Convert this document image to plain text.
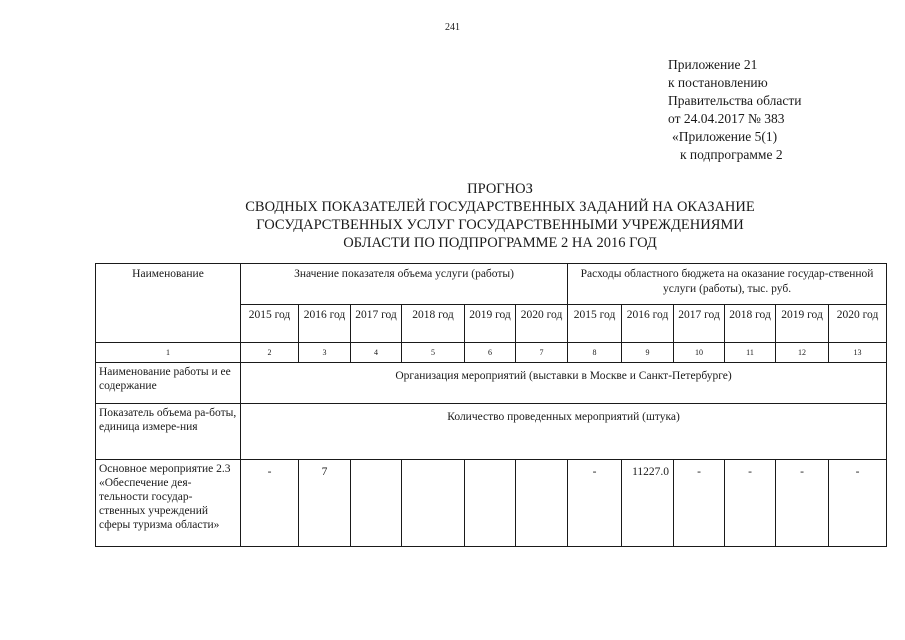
241
Приложение 21
к постановлению
Правительства области
от 24.04.2017 № 383
«Приложение 5(1)
к подпрограмме 2
ПРОГНОЗ
СВОДНЫХ ПОКАЗАТЕЛЕЙ ГОСУДАРСТВЕННЫХ ЗАДАНИЙ НА ОКАЗАНИЕ
ГОСУДАРСТВЕННЫХ УСЛУГ ГОСУДАРСТВЕННЫМИ УЧРЕЖДЕНИЯМИ
ОБЛАСТИ ПО ПОДПРОГРАММЕ 2 НА 2016 ГОД
Наименование	Значение показателя объема услуги (работы)						Расходы областного бюджета на оказание государ-ственной услуги (работы), тыс. руб.					
	2015 год	2016 год	2017 год	2018 год	2019 год	2020 год	2015 год	2016 год	2017 год	2018 год	2019 год	2020 год
1	2	3	4	5	6	7	8	9	10	11	12	13
Наименование работы и ее содержание	Организация мероприятий (выставки в Москве и Санкт-Петербурге)											
Показатель объема ра-боты, единица измере-ния	Количество проведенных мероприятий (штука)											
Основное мероприятие 2.3 «Обеспечение дея-тельности государ-ственных учреждений сферы туризма области»	-	7					-	11227.0	-	-	-	-
